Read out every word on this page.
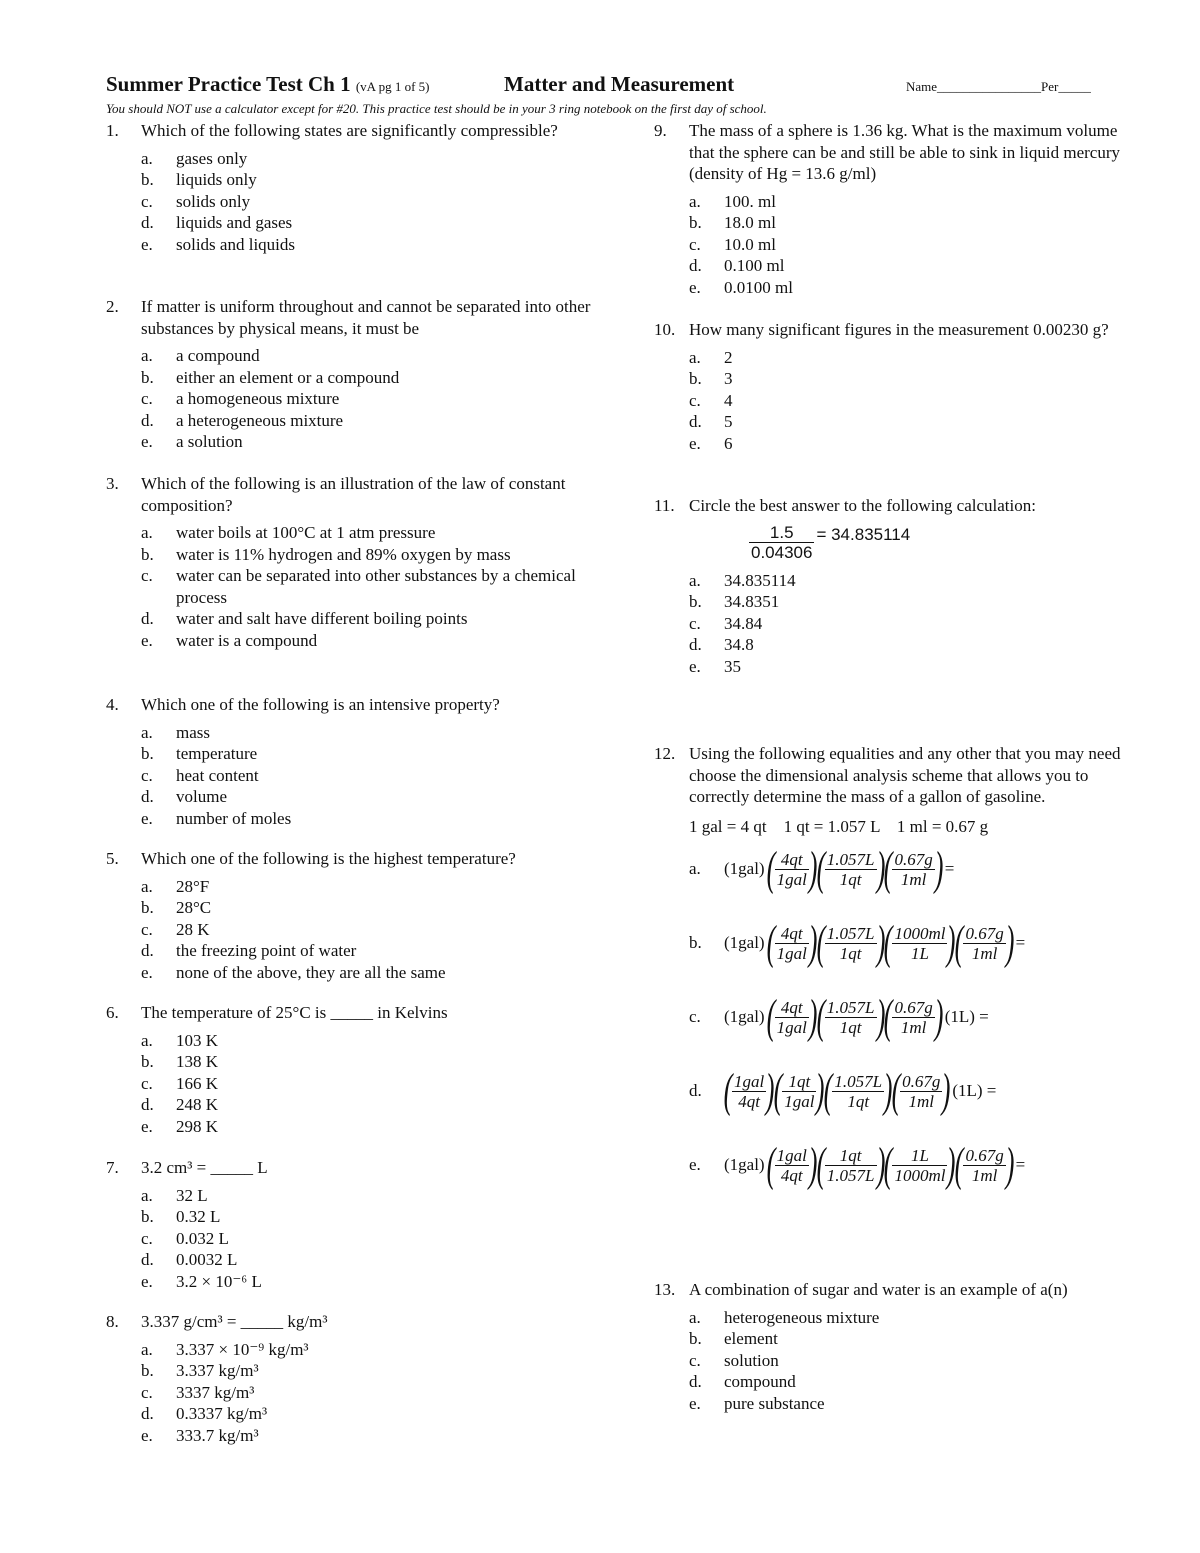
Summer Practice Test Ch 1 (vA pg 1 of 5)	Matter and Measurement	Name________________Per_____
You should NOT use a calculator except for #20. This practice test should be in your 3 ring notebook on the first day of school.
1. Which of the following states are significantly compressible?
a. gases only
b. liquids only
c. solids only
d. liquids and gases
e. solids and liquids
2. If matter is uniform throughout and cannot be separated into other substances by physical means, it must be
a. a compound
b. either an element or a compound
c. a homogeneous mixture
d. a heterogeneous mixture
e. a solution
3. Which of the following is an illustration of the law of constant composition?
a. water boils at 100°C at 1 atm pressure
b. water is 11% hydrogen and 89% oxygen by mass
c. water can be separated into other substances by a chemical process
d. water and salt have different boiling points
e. water is a compound
4. Which one of the following is an intensive property?
a. mass
b. temperature
c. heat content
d. volume
e. number of moles
5. Which one of the following is the highest temperature?
a. 28°F
b. 28°C
c. 28 K
d. the freezing point of water
e. none of the above, they are all the same
6. The temperature of 25°C is _____ in Kelvins
a. 103 K
b. 138 K
c. 166 K
d. 248 K
e. 298 K
7. 3.2 cm³ = _____ L
a. 32 L
b. 0.32 L
c. 0.032 L
d. 0.0032 L
e. 3.2 × 10⁻⁶ L
8. 3.337 g/cm³ = _____ kg/m³
a. 3.337 × 10⁻⁹ kg/m³
b. 3.337 kg/m³
c. 3337 kg/m³
d. 0.3337 kg/m³
e. 333.7 kg/m³
9. The mass of a sphere is 1.36 kg. What is the maximum volume that the sphere can be and still be able to sink in liquid mercury (density of Hg = 13.6 g/ml)
a. 100. ml
b. 18.0 ml
c. 10.0 ml
d. 0.100 ml
e. 0.0100 ml
10. How many significant figures in the measurement 0.00230 g?
a. 2
b. 3
c. 4
d. 5
e. 6
11. Circle the best answer to the following calculation:
$\frac{1.5}{0.04306} = 34.835114$
a. 34.835114
b. 34.8351
c. 34.84
d. 34.8
e. 35
12. Using the following equalities and any other that you may need choose the dimensional analysis scheme that allows you to correctly determine the mass of a gallon of gasoline.
1 gal = 4 qt    1 qt = 1.057 L    1 ml = 0.67 g
a.	(1gal) ( $\frac{4qt}{\text{1gal}}$ ) ( $\frac{1.057L}{1qt}$ ) ( $\frac{0.67g}{1ml}$ ) =
b.	(1gal) ( $\frac{4qt}{\text{1gal}}$ ) ( $\frac{1.057L}{1qt}$ ) ( $\frac{1000ml}{1L}$ ) ( $\frac{0.67g}{1ml}$ ) =
c.	(1gal) ( $\frac{4qt}{\text{1gal}}$ ) ( $\frac{1.057L}{1qt}$ ) ( $\frac{0.67g}{1ml}$ ) (1L) =
d. ( $\frac{\text{1gal}}{4qt}$ ) ( $\frac{1qt}{\text{1gal}}$ ) ( $\frac{1.057L}{1qt}$ ) ( $\frac{0.67g}{1ml}$ ) (1L) =
e.	(1gal) ( $\frac{\text{1gal}}{4qt}$ ) ( $\frac{1qt}{1.057L}$ ) ( $\frac{1L}{1000ml}$ ) ( $\frac{0.67g}{1ml}$ ) =
13. A combination of sugar and water is an example of a(n)
a. heterogeneous mixture
b. element
c. solution
d. compound
e. pure substance
